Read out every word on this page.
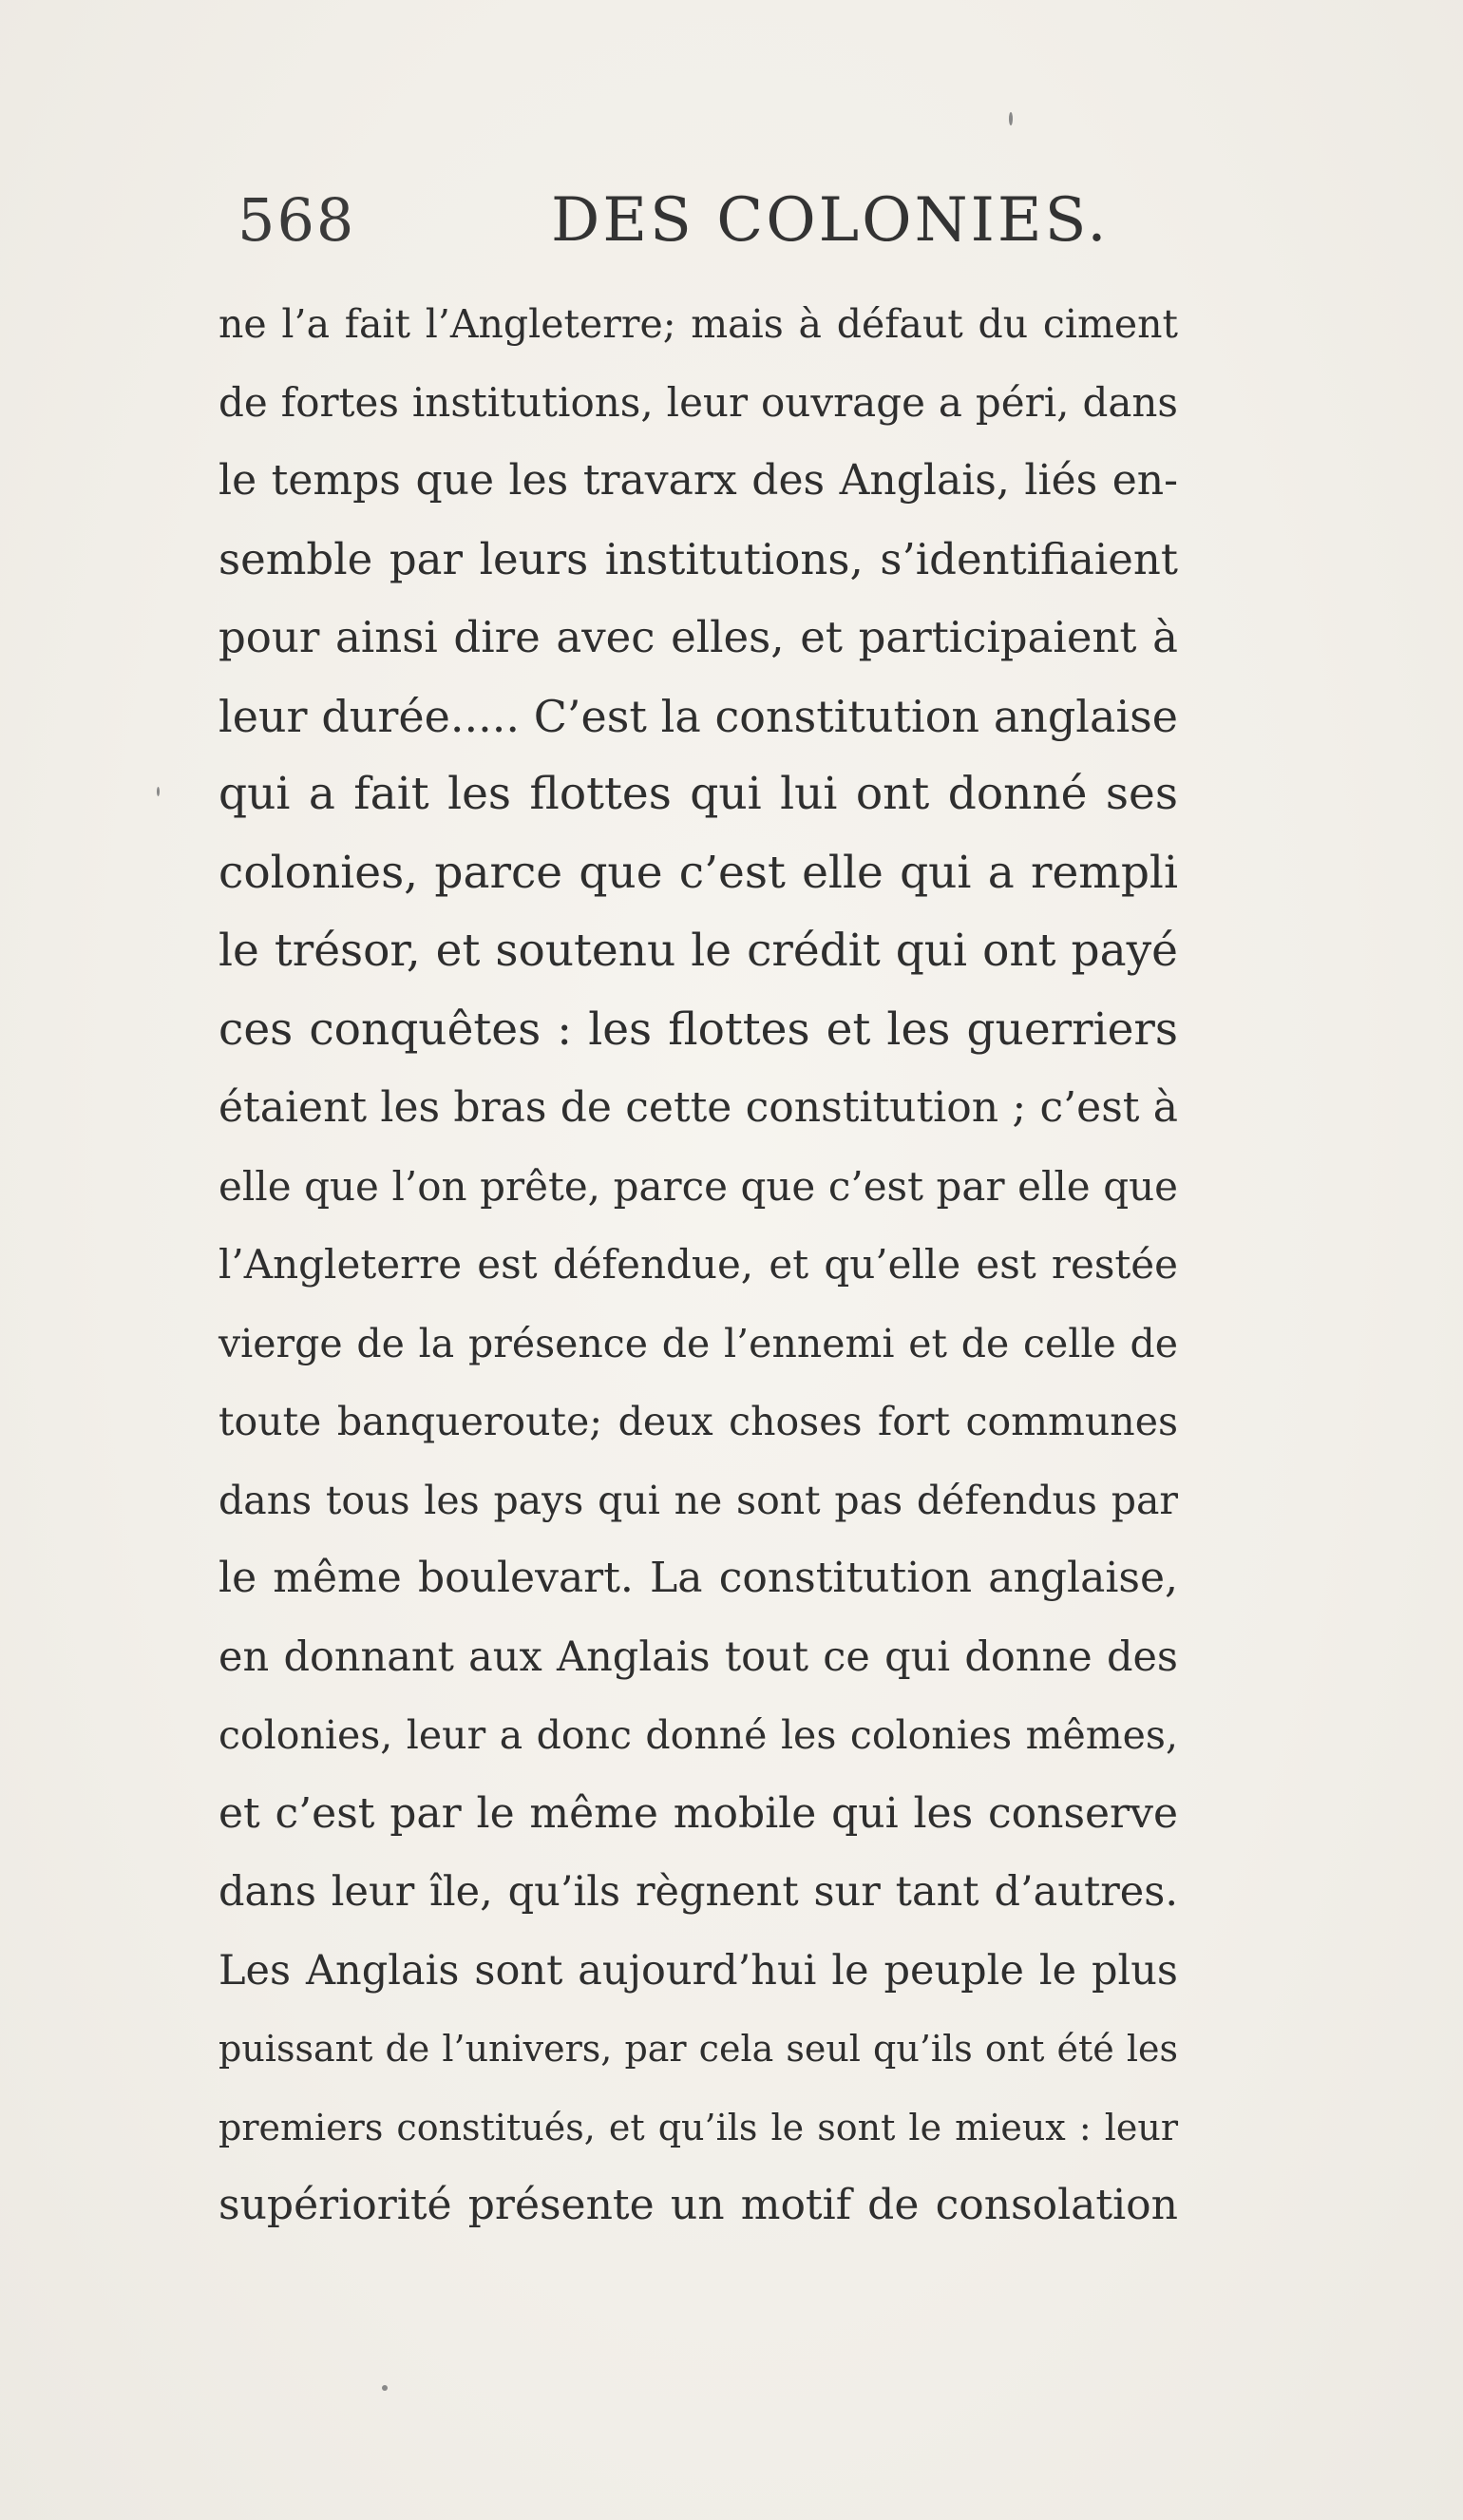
568	DES COLONIES.
ne l’a fait l’Angleterre; mais à défaut du ciment
de fortes institutions, leur ouvrage a péri, dans
le temps que les travarx des Anglais, liés en-
semble par leurs institutions, s’identifiaient
pour ainsi dire avec elles, et participaient à
leur durée..... C’est la constitution anglaise
qui a fait les flottes qui lui ont donné ses
colonies, parce que c’est elle qui a rempli
le trésor, et soutenu le crédit qui ont payé
ces conquêtes : les flottes et les guerriers
étaient les bras de cette constitution ; c’est à
elle que l’on prête, parce que c’est par elle que
l’Angleterre est défendue, et qu’elle est restée
vierge de la présence de l’ennemi et de celle de
toute banqueroute; deux choses fort communes
dans tous les pays qui ne sont pas défendus par
le même boulevart. La constitution anglaise,
en donnant aux Anglais tout ce qui donne des
colonies, leur a donc donné les colonies mêmes,
et c’est par le même mobile qui les conserve
dans leur île, qu’ils règnent sur tant d’autres.
Les Anglais sont aujourd’hui le peuple le plus
puissant de l’univers, par cela seul qu’ils ont été les
premiers constitués, et qu’ils le sont le mieux : leur
supériorité présente un motif de consolation
